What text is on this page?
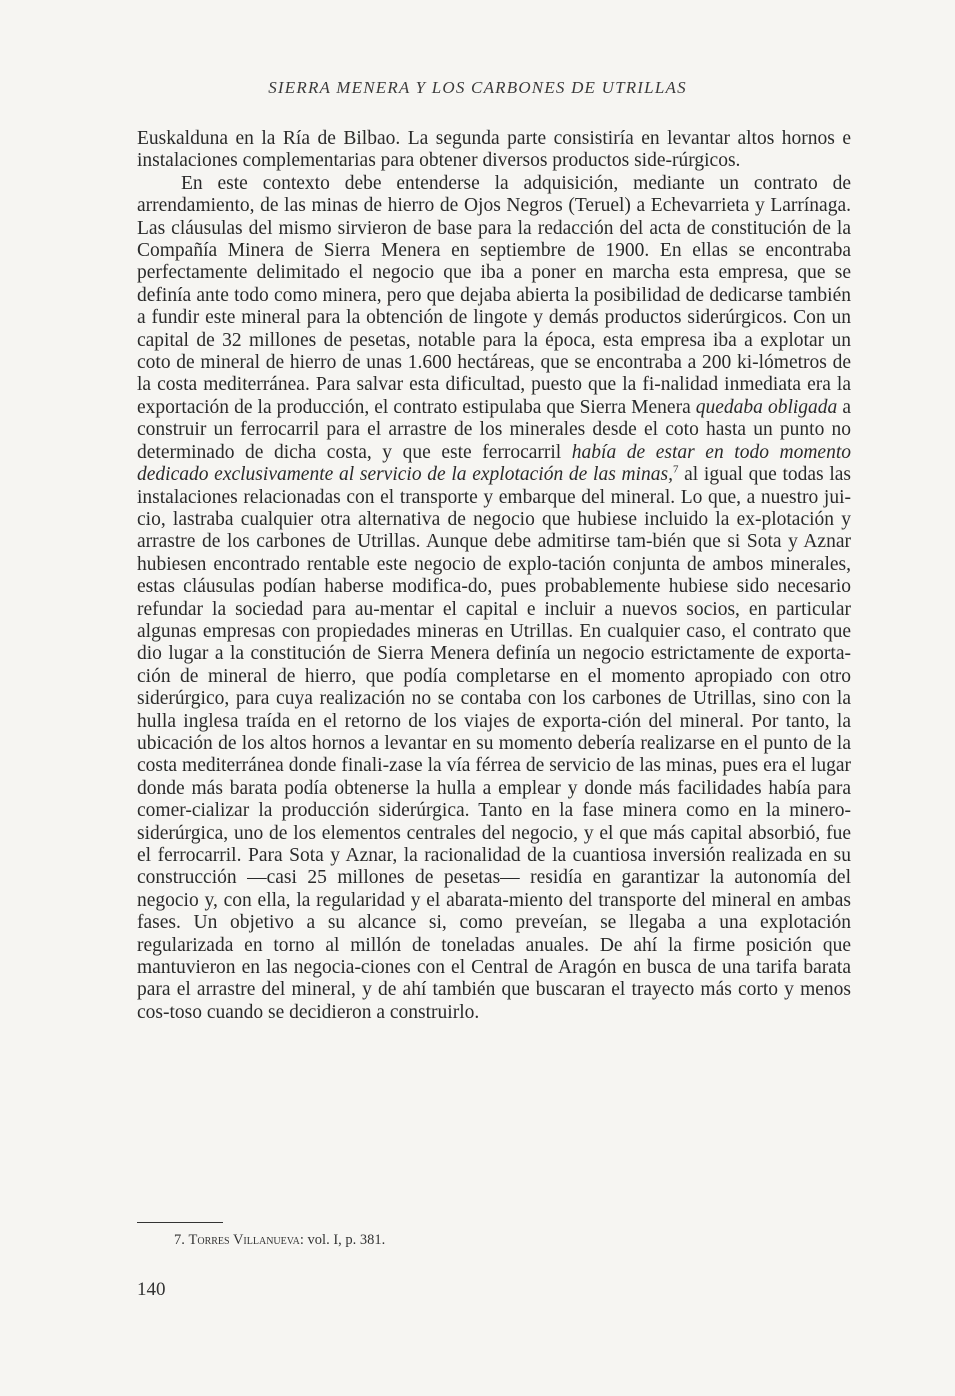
SIERRA MENERA Y LOS CARBONES DE UTRILLAS

Euskalduna en la Ría de Bilbao. La segunda parte consistiría en levantar altos hornos e instalaciones complementarias para obtener diversos productos side-rúrgicos.

En este contexto debe entenderse la adquisición, mediante un contrato de arrendamiento, de las minas de hierro de Ojos Negros (Teruel) a Echevarrieta y Larrínaga. Las cláusulas del mismo sirvieron de base para la redacción del acta de constitución de la Compañía Minera de Sierra Menera en septiembre de 1900. En ellas se encontraba perfectamente delimitado el negocio que iba a poner en marcha esta empresa, que se definía ante todo como minera, pero que dejaba abierta la posibilidad de dedicarse también a fundir este mineral para la obtención de lingote y demás productos siderúrgicos. Con un capital de 32 millones de pesetas, notable para la época, esta empresa iba a explotar un coto de mineral de hierro de unas 1.600 hectáreas, que se encontraba a 200 ki-lómetros de la costa mediterránea. Para salvar esta dificultad, puesto que la fi-nalidad inmediata era la exportación de la producción, el contrato estipulaba que Sierra Menera quedaba obligada a construir un ferrocarril para el arrastre de los minerales desde el coto hasta un punto no determinado de dicha costa, y que este ferrocarril había de estar en todo momento dedicado exclusivamente al servicio de la explotación de las minas,$^7$ al igual que todas las instalaciones relacionadas con el transporte y embarque del mineral. Lo que, a nuestro jui-cio, lastraba cualquier otra alternativa de negocio que hubiese incluido la ex-plotación y arrastre de los carbones de Utrillas. Aunque debe admitirse tam-bién que si Sota y Aznar hubiesen encontrado rentable este negocio de explo-tación conjunta de ambos minerales, estas cláusulas podían haberse modifica-do, pues probablemente hubiese sido necesario refundar la sociedad para au-mentar el capital e incluir a nuevos socios, en particular algunas empresas con propiedades mineras en Utrillas. En cualquier caso, el contrato que dio lugar a la constitución de Sierra Menera definía un negocio estrictamente de exporta-ción de mineral de hierro, que podía completarse en el momento apropiado con otro siderúrgico, para cuya realización no se contaba con los carbones de Utrillas, sino con la hulla inglesa traída en el retorno de los viajes de exporta-ción del mineral. Por tanto, la ubicación de los altos hornos a levantar en su momento debería realizarse en el punto de la costa mediterránea donde finali-zase la vía férrea de servicio de las minas, pues era el lugar donde más barata podía obtenerse la hulla a emplear y donde más facilidades había para comer-cializar la producción siderúrgica. Tanto en la fase minera como en la minero-siderúrgica, uno de los elementos centrales del negocio, y el que más capital absorbió, fue el ferrocarril. Para Sota y Aznar, la racionalidad de la cuantiosa inversión realizada en su construcción —casi 25 millones de pesetas— residía en garantizar la autonomía del negocio y, con ella, la regularidad y el abarata-miento del transporte del mineral en ambas fases. Un objetivo a su alcance si, como preveían, se llegaba a una explotación regularizada en torno al millón de toneladas anuales. De ahí la firme posición que mantuvieron en las negocia-ciones con el Central de Aragón en busca de una tarifa barata para el arrastre del mineral, y de ahí también que buscaran el trayecto más corto y menos cos-toso cuando se decidieron a construirlo.

7. Torres Villanueva: vol. I, p. 381.
140
